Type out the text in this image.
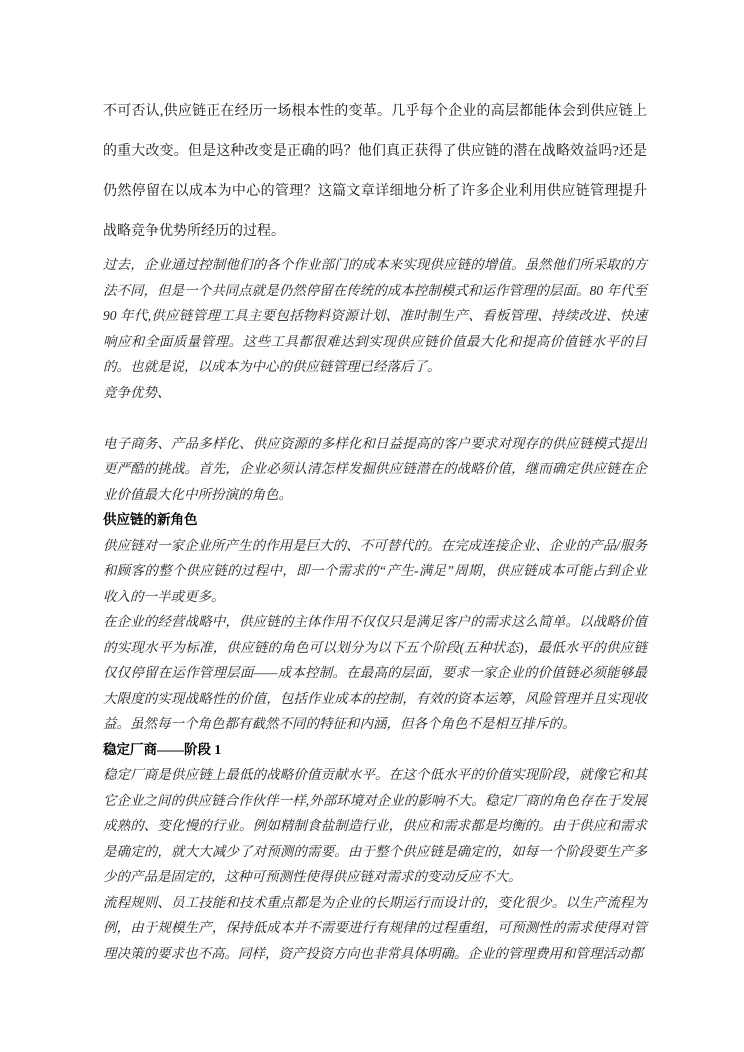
不可否认,供应链正在经历一场根本性的变革。几乎每个企业的高层都能体会到供应链上的重大改变。但是这种改变是正确的吗？他们真正获得了供应链的潜在战略效益吗?还是仍然停留在以成本为中心的管理？这篇文章详细地分析了许多企业利用供应链管理提升战略竞争优势所经历的过程。

过去，企业通过控制他们的各个作业部门的成本来实现供应链的增值。虽然他们所采取的方法不同，但是一个共同点就是仍然停留在传统的成本控制模式和运作管理的层面。80 年代至 90 年代,供应链管理工具主要包括物料资源计划、准时制生产、看板管理、持续改进、快速响应和全面质量管理。这些工具都很难达到实现供应链价值最大化和提高价值链水平的目的。也就是说，以成本为中心的供应链管理已经落后了。

竞争优势、

电子商务、产品多样化、供应资源的多样化和日益提高的客户要求对现存的供应链模式提出更严酷的挑战。首先，企业必须认清怎样发掘供应链潜在的战略价值，继而确定供应链在企业价值最大化中所扮演的角色。

供应链的新角色

供应链对一家企业所产生的作用是巨大的、不可替代的。在完成连接企业、企业的产品/服务和顾客的整个供应链的过程中，即一个需求的“产生-满足”周期，供应链成本可能占到企业收入的一半或更多。

在企业的经营战略中，供应链的主体作用不仅仅只是满足客户的需求这么简单。以战略价值的实现水平为标准，供应链的角色可以划分为以下五个阶段(五种状态)，最低水平的供应链仅仅停留在运作管理层面——成本控制。在最高的层面，要求一家企业的价值链必须能够最大限度的实现战略性的价值，包括作业成本的控制，有效的资本运筹，风险管理并且实现收益。虽然每一个角色都有截然不同的特征和内涵，但各个角色不是相互排斥的。

稳定厂商——阶段 1

稳定厂商是供应链上最低的战略价值贡献水平。在这个低水平的价值实现阶段，就像它和其它企业之间的供应链合作伙伴一样,外部环境对企业的影响不大。稳定厂商的角色存在于发展成熟的、变化慢的行业。例如精制食盐制造行业，供应和需求都是均衡的。由于供应和需求是确定的，就大大减少了对预测的需要。由于整个供应链是确定的，如每一个阶段要生产多少的产品是固定的，这种可预测性使得供应链对需求的变动反应不大。

流程规则、员工技能和技术重点都是为企业的长期运行而设计的，变化很少。以生产流程为例，由于规模生产，保持低成本并不需要进行有规律的过程重组，可预测性的需求使得对管理决策的要求也不高。同样，资产投资方向也非常具体明确。企业的管理费用和管理活动都
